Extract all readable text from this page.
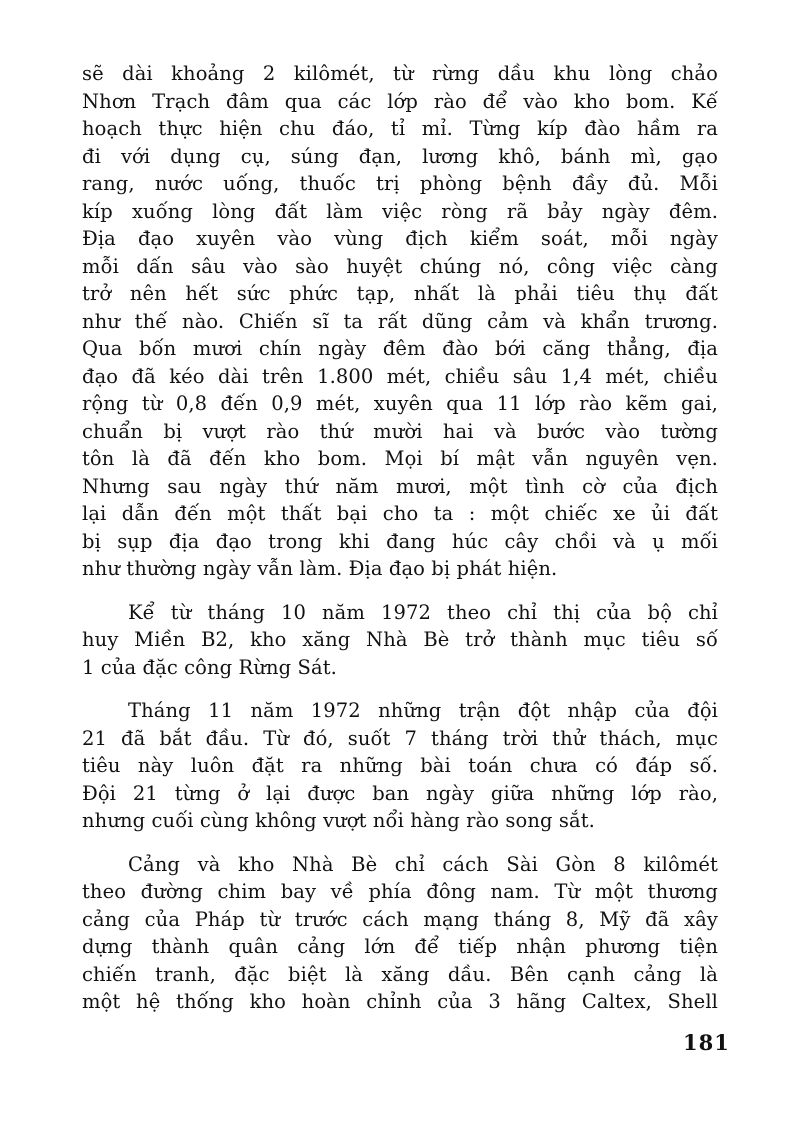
sẽ dài khoảng 2 kilômét, từ rừng dầu khu lòng chảo
Nhơn Trạch đâm qua các lớp rào để vào kho bom. Kế
hoạch thực hiện chu đáo, tỉ mỉ. Từng kíp đào hầm ra
đi với dụng cụ, súng đạn, lương khô, bánh mì, gạo
rang, nước uống, thuốc trị phòng bệnh đầy đủ. Mỗi
kíp xuống lòng đất làm việc ròng rã bảy ngày đêm.
Địa đạo xuyên vào vùng địch kiểm soát, mỗi ngày
mỗi dấn sâu vào sào huyệt chúng nó, công việc càng
trở nên hết sức phức tạp, nhất là phải tiêu thụ đất
như thế nào. Chiến sĩ ta rất dũng cảm và khẩn trương.
Qua bốn mươi chín ngày đêm đào bới căng thẳng, địa
đạo đã kéo dài trên 1.800 mét, chiều sâu 1,4 mét, chiều
rộng từ 0,8 đến 0,9 mét, xuyên qua 11 lớp rào kẽm gai,
chuẩn bị vượt rào thứ mười hai và bước vào tường
tôn là đã đến kho bom. Mọi bí mật vẫn nguyên vẹn.
Nhưng sau ngày thứ năm mươi, một tình cờ của địch
lại dẫn đến một thất bại cho ta : một chiếc xe ủi đất
bị sụp địa đạo trong khi đang húc cây chồi và ụ mối
như thường ngày vẫn làm. Địa đạo bị phát hiện.
Kể từ tháng 10 năm 1972 theo chỉ thị của bộ chỉ
huy Miền B2, kho xăng Nhà Bè trở thành mục tiêu số
1 của đặc công Rừng Sát.
Tháng 11 năm 1972 những trận đột nhập của đội
21 đã bắt đầu. Từ đó, suốt 7 tháng trời thử thách, mục
tiêu này luôn đặt ra những bài toán chưa có đáp số.
Đội 21 từng ở lại được ban ngày giữa những lớp rào,
nhưng cuối cùng không vượt nổi hàng rào song sắt.
Cảng và kho Nhà Bè chỉ cách Sài Gòn 8 kilômét
theo đường chim bay về phía đông nam. Từ một thương
cảng của Pháp từ trước cách mạng tháng 8, Mỹ đã xây
dựng thành quân cảng lớn để tiếp nhận phương tiện
chiến tranh, đặc biệt là xăng dầu. Bên cạnh cảng là
một hệ thống kho hoàn chỉnh của 3 hãng Caltex, Shell
181
